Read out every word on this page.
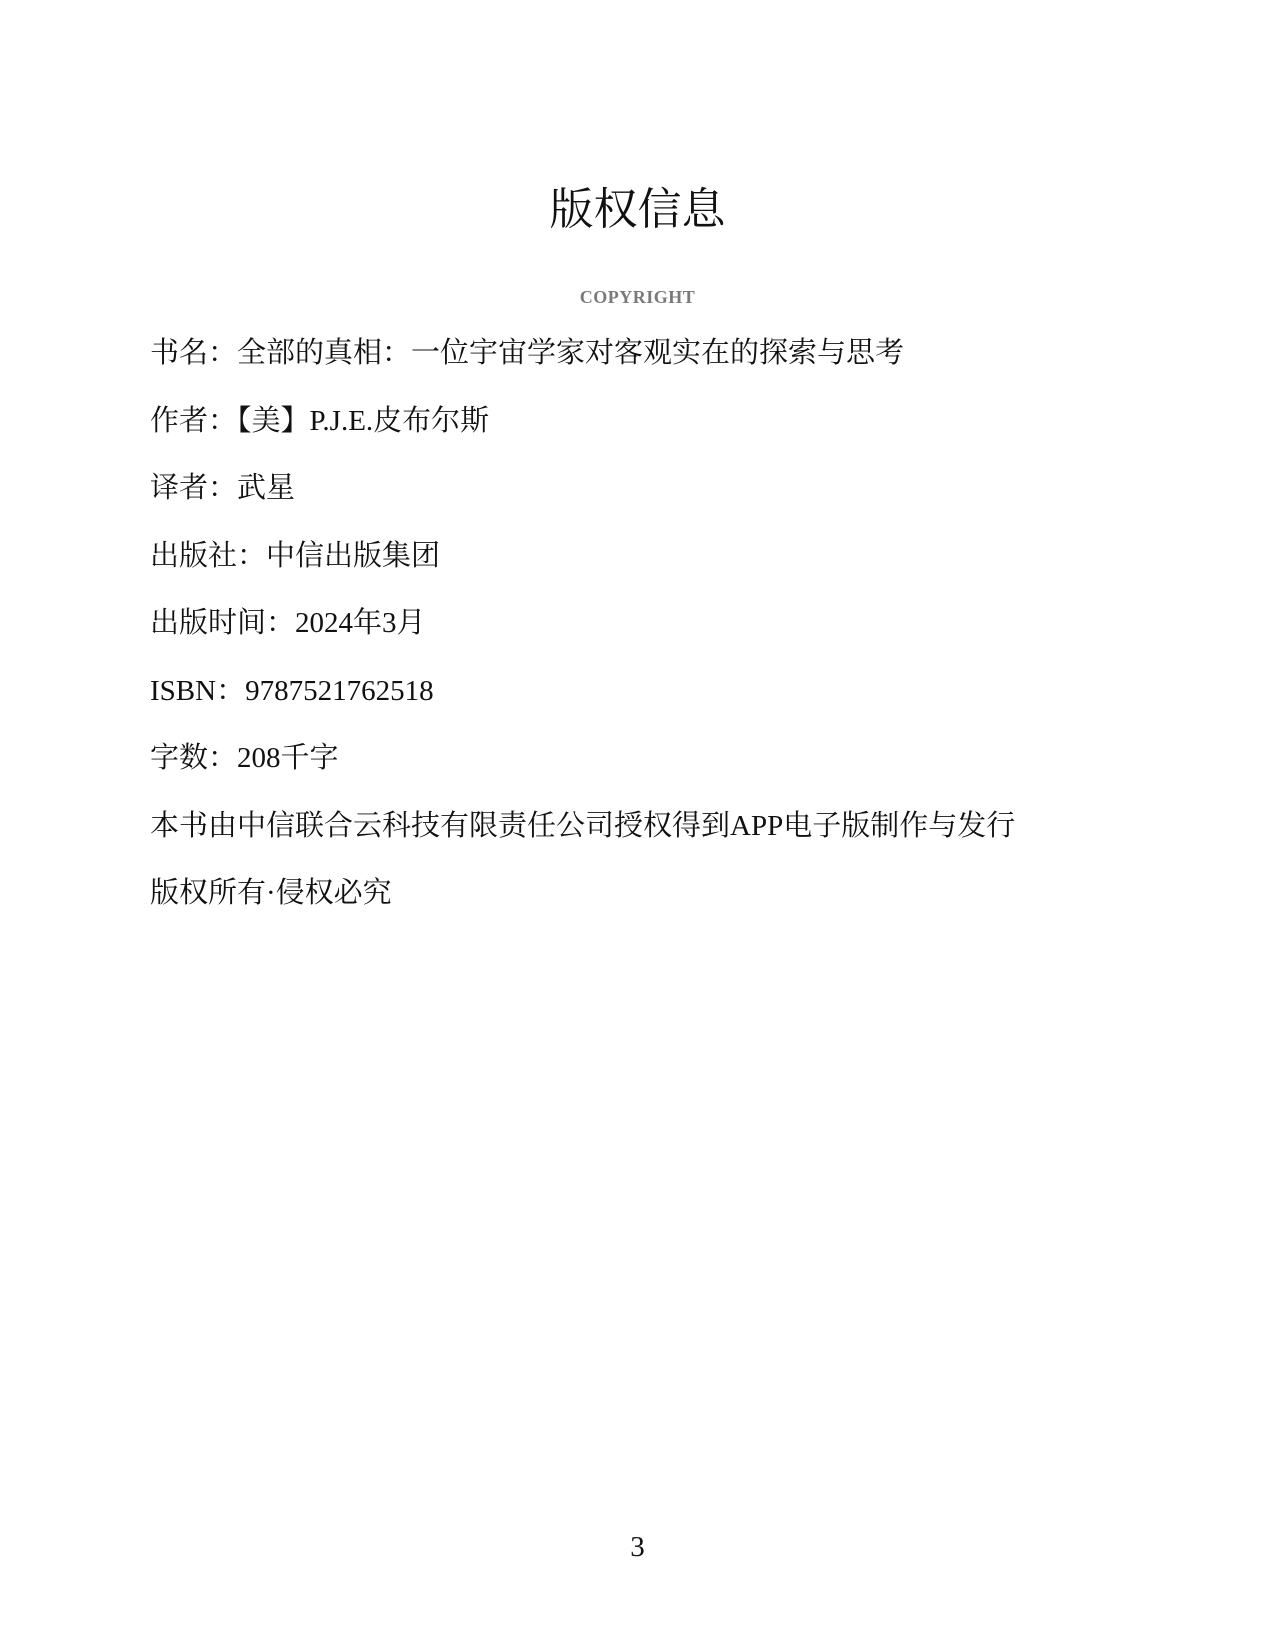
版权信息
COPYRIGHT
书名：全部的真相：一位宇宙学家对客观实在的探索与思考
作者：【美】P.J.E.皮布尔斯
译者：武星
出版社：中信出版集团
出版时间：2024年3月
ISBN：9787521762518
字数：208千字
本书由中信联合云科技有限责任公司授权得到APP电子版制作与发行
版权所有·侵权必究
3
